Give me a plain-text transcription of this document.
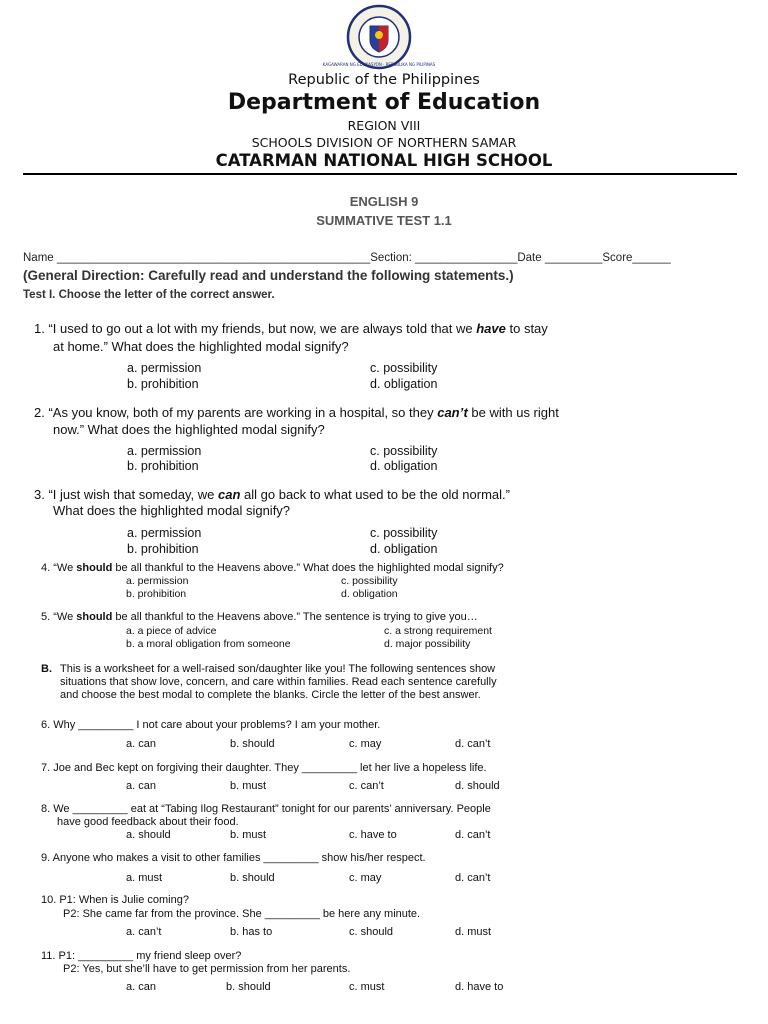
KAGAWARAN NG EDUKASYON · REPUBLIKA NG PILIPINAS
Republic of the Philippines
Department of Education
REGION VIII
SCHOOLS DIVISION OF NORTHERN SAMAR
CATARMAN NATIONAL HIGH SCHOOL
ENGLISH 9
SUMMATIVE TEST 1.1
Name _________________________________________________Section: ________________Date _________Score______
(General Direction: Carefully read and understand the following statements.)
Test I. Choose the letter of the correct answer.
1. “I used to go out a lot with my friends, but now, we are always told that we have to stay
at home.” What does the highlighted modal signify?
a. permission	c. possibility
b. prohibition	d. obligation
2. “As you know, both of my parents are working in a hospital, so they can’t be with us right
now.” What does the highlighted modal signify?
a. permission	c. possibility
b. prohibition	d. obligation
3. “I just wish that someday, we can all go back to what used to be the old normal.”
What does the highlighted modal signify?
a. permission	c. possibility
b. prohibition	d. obligation
4. “We should be all thankful to the Heavens above.” What does the highlighted modal signify?
a. permission	c. possibility
b. prohibition	d. obligation
5. “We should be all thankful to the Heavens above.” The sentence is trying to give you…
a. a piece of advice	c. a strong requirement
b. a moral obligation from someone	d. major possibility
B. This is a worksheet for a well-raised son/daughter like you! The following sentences show
situations that show love, concern, and care within families. Read each sentence carefully
and choose the best modal to complete the blanks. Circle the letter of the best answer.
6. Why _________ I not care about your problems? I am your mother.
a. can	b. should	c. may	d. can’t
7. Joe and Bec kept on forgiving their daughter. They _________ let her live a hopeless life.
a. can	b. must	c. can’t	d. should
8. We _________ eat at “Tabing Ilog Restaurant” tonight for our parents’ anniversary. People
have good feedback about their food.
a. should	b. must	c. have to	d. can’t
9. Anyone who makes a visit to other families _________ show his/her respect.
a. must	b. should	c. may	d. can’t
10. P1: When is Julie coming?
P2: She came far from the province. She _________ be here any minute.
a. can’t	b. has to	c. should	d. must
11. P1: _________ my friend sleep over?
P2: Yes, but she’ll have to get permission from her parents.
a. can	b. should	c. must	d. have to
